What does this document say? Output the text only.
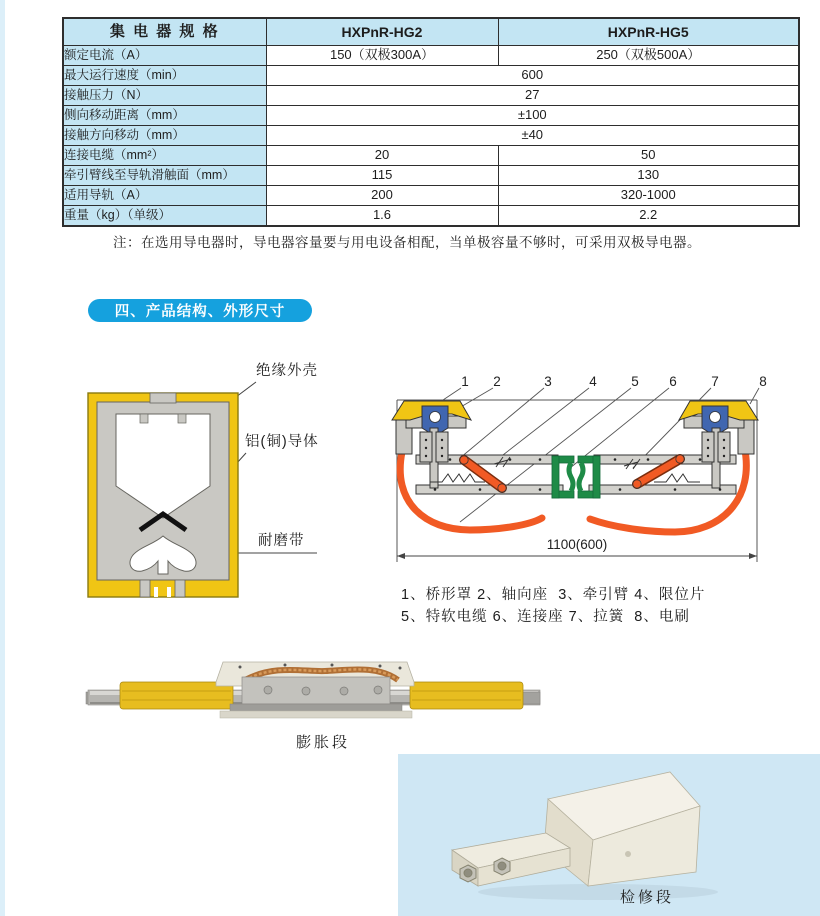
集 电 器 规 格	HXPnR-HG2	HXPnR-HG5
额定电流（A）	150（双极300A）	250（双极500A）
最大运行速度（min）	600	
接触压力（N）	27	
侧向移动距离（mm）	±100	
接触方向移动（mm）	±40	
连接电缆（mm²）	20	50
牵引臂线至导轨滑触面（mm）	115	130
适用导轨（A）	200	320-1000
重量（kg）（单级）	1.6	2.2
注：在选用导电器时，导电器容量要与用电设备相配，当单极容量不够时，可采用双极导电器。
四、产品结构、外形尺寸
绝缘外壳
铝(铜)导体
耐磨带	1100(600)
1 2	3	4	5 6	7	8
1、桥形罩 2、轴向座  3、牵引臂 4、限位片
5、特软电缆 6、连接座 7、拉簧  8、电刷
膨胀段
检修段
